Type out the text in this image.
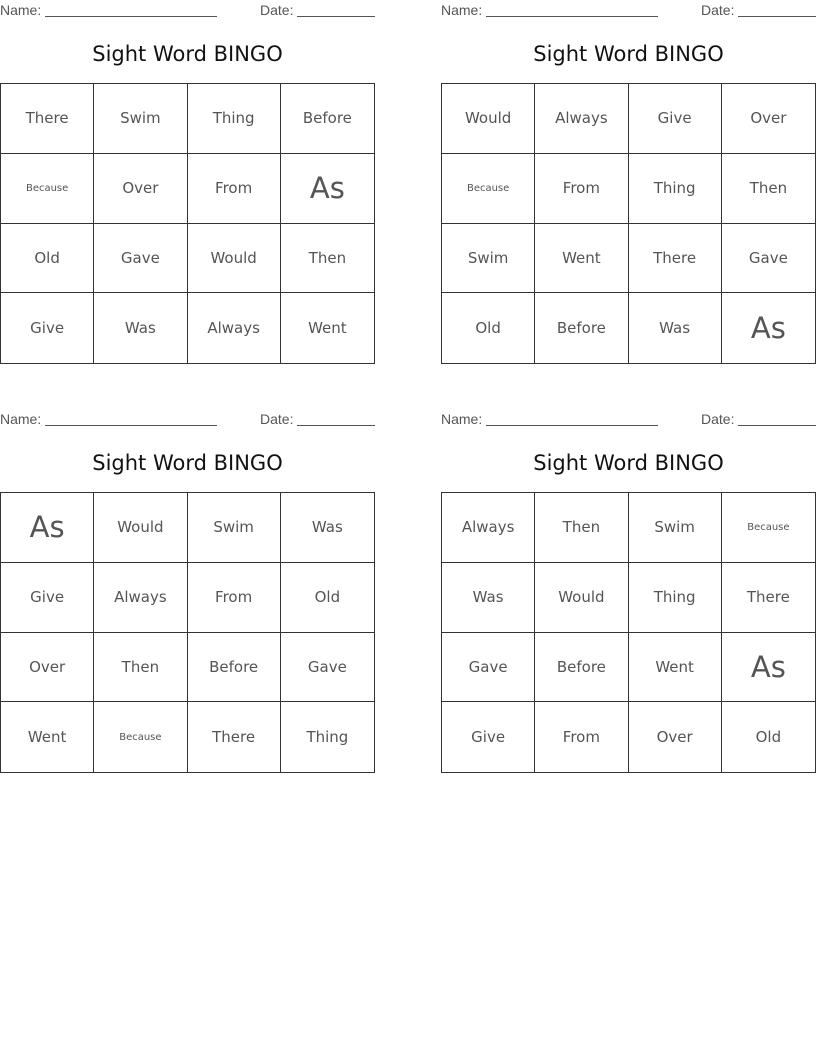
Name:	Date:
Sight Word BINGO
There	Swim	Thing	Before
Because	Over	From	As
Old	Gave	Would	Then
Give	Was	Always	Went
Name:	Date:
Sight Word BINGO
Would	Always	Give	Over
Because	From	Thing	Then
Swim	Went	There	Gave
Old	Before	Was	As
Name:	Date:
Sight Word BINGO
As	Would	Swim	Was
Give	Always	From	Old
Over	Then	Before	Gave
Went	Because	There	Thing
Name:	Date:
Sight Word BINGO
Always	Then	Swim	Because
Was	Would	Thing	There
Gave	Before	Went	As
Give	From	Over	Old
